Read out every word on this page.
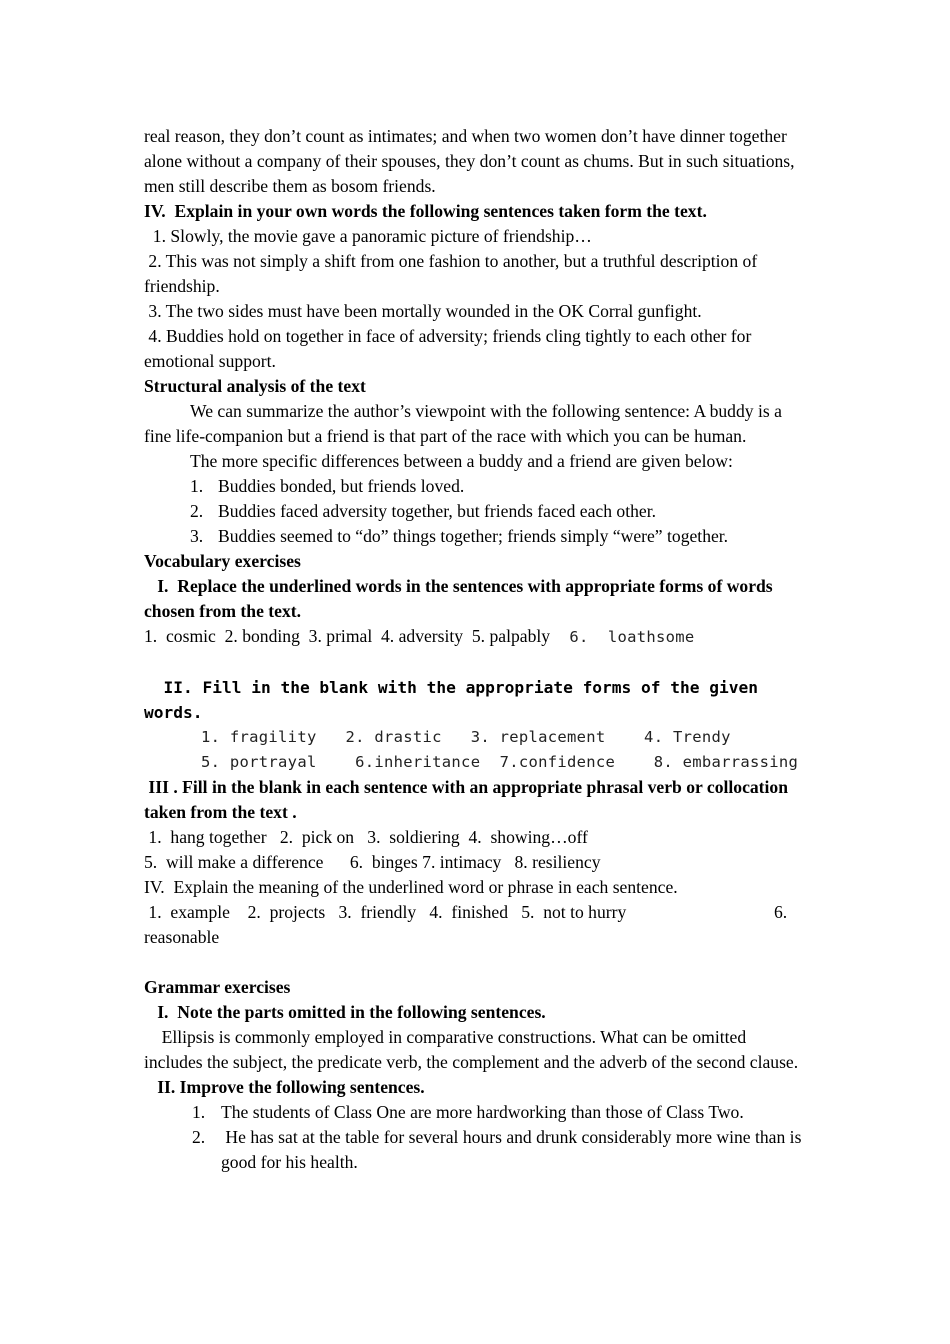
real reason, they don’t count as intimates; and when two women don’t have dinner together alone without a company of their spouses, they don’t count as chums. But in such situations, men still describe them as bosom friends.

IV.  Explain in your own words the following sentences taken form the text.

1. Slowly, the movie gave a panoramic picture of friendship…

2. This was not simply a shift from one fashion to another, but a truthful description of friendship.

3. The two sides must have been mortally wounded in the OK Corral gunfight.

4. Buddies hold on together in face of adversity; friends cling tightly to each other for emotional support.

Structural analysis of the text

We can summarize the author’s viewpoint with the following sentence: A buddy is a fine life-companion but a friend is that part of the race with which you can be human.

The more specific differences between a buddy and a friend are given below:

1. Buddies bonded, but friends loved.
2. Buddies faced adversity together, but friends faced each other.
3. Buddies seemed to “do” things together; friends simply “were” together.

Vocabulary exercises

I.  Replace the underlined words in the sentences with appropriate forms of words chosen from the text.

1.  cosmic  2. bonding  3. primal  4. adversity  5. palpably  6.  loathsome

II. Fill in the blank with the appropriate forms of the given words.

1. fragility   2. drastic   3. replacement    4. Trendy

5. portrayal    6.inheritance  7.confidence    8. embarrassing

III . Fill in the blank in each sentence with an appropriate phrasal verb or collocation taken from the text .

1.  hang together   2.  pick on   3.  soldiering  4.  showing…off

5.  will make a difference      6.  binges 7. intimacy   8. resiliency

IV.  Explain the meaning of the underlined word or phrase in each sentence.

1.  example    2.  projects   3.  friendly   4.  finished   5.  not to hurry	6.

reasonable

Grammar exercises

I.  Note the parts omitted in the following sentences.

Ellipsis is commonly employed in comparative constructions. What can be omitted includes the subject, the predicate verb, the complement and the adverb of the second clause.

II. Improve the following sentences.

1. The students of Class One are more hardworking than those of Class Two.
2. He has sat at the table for several hours and drunk considerably more wine than is good for his health.
